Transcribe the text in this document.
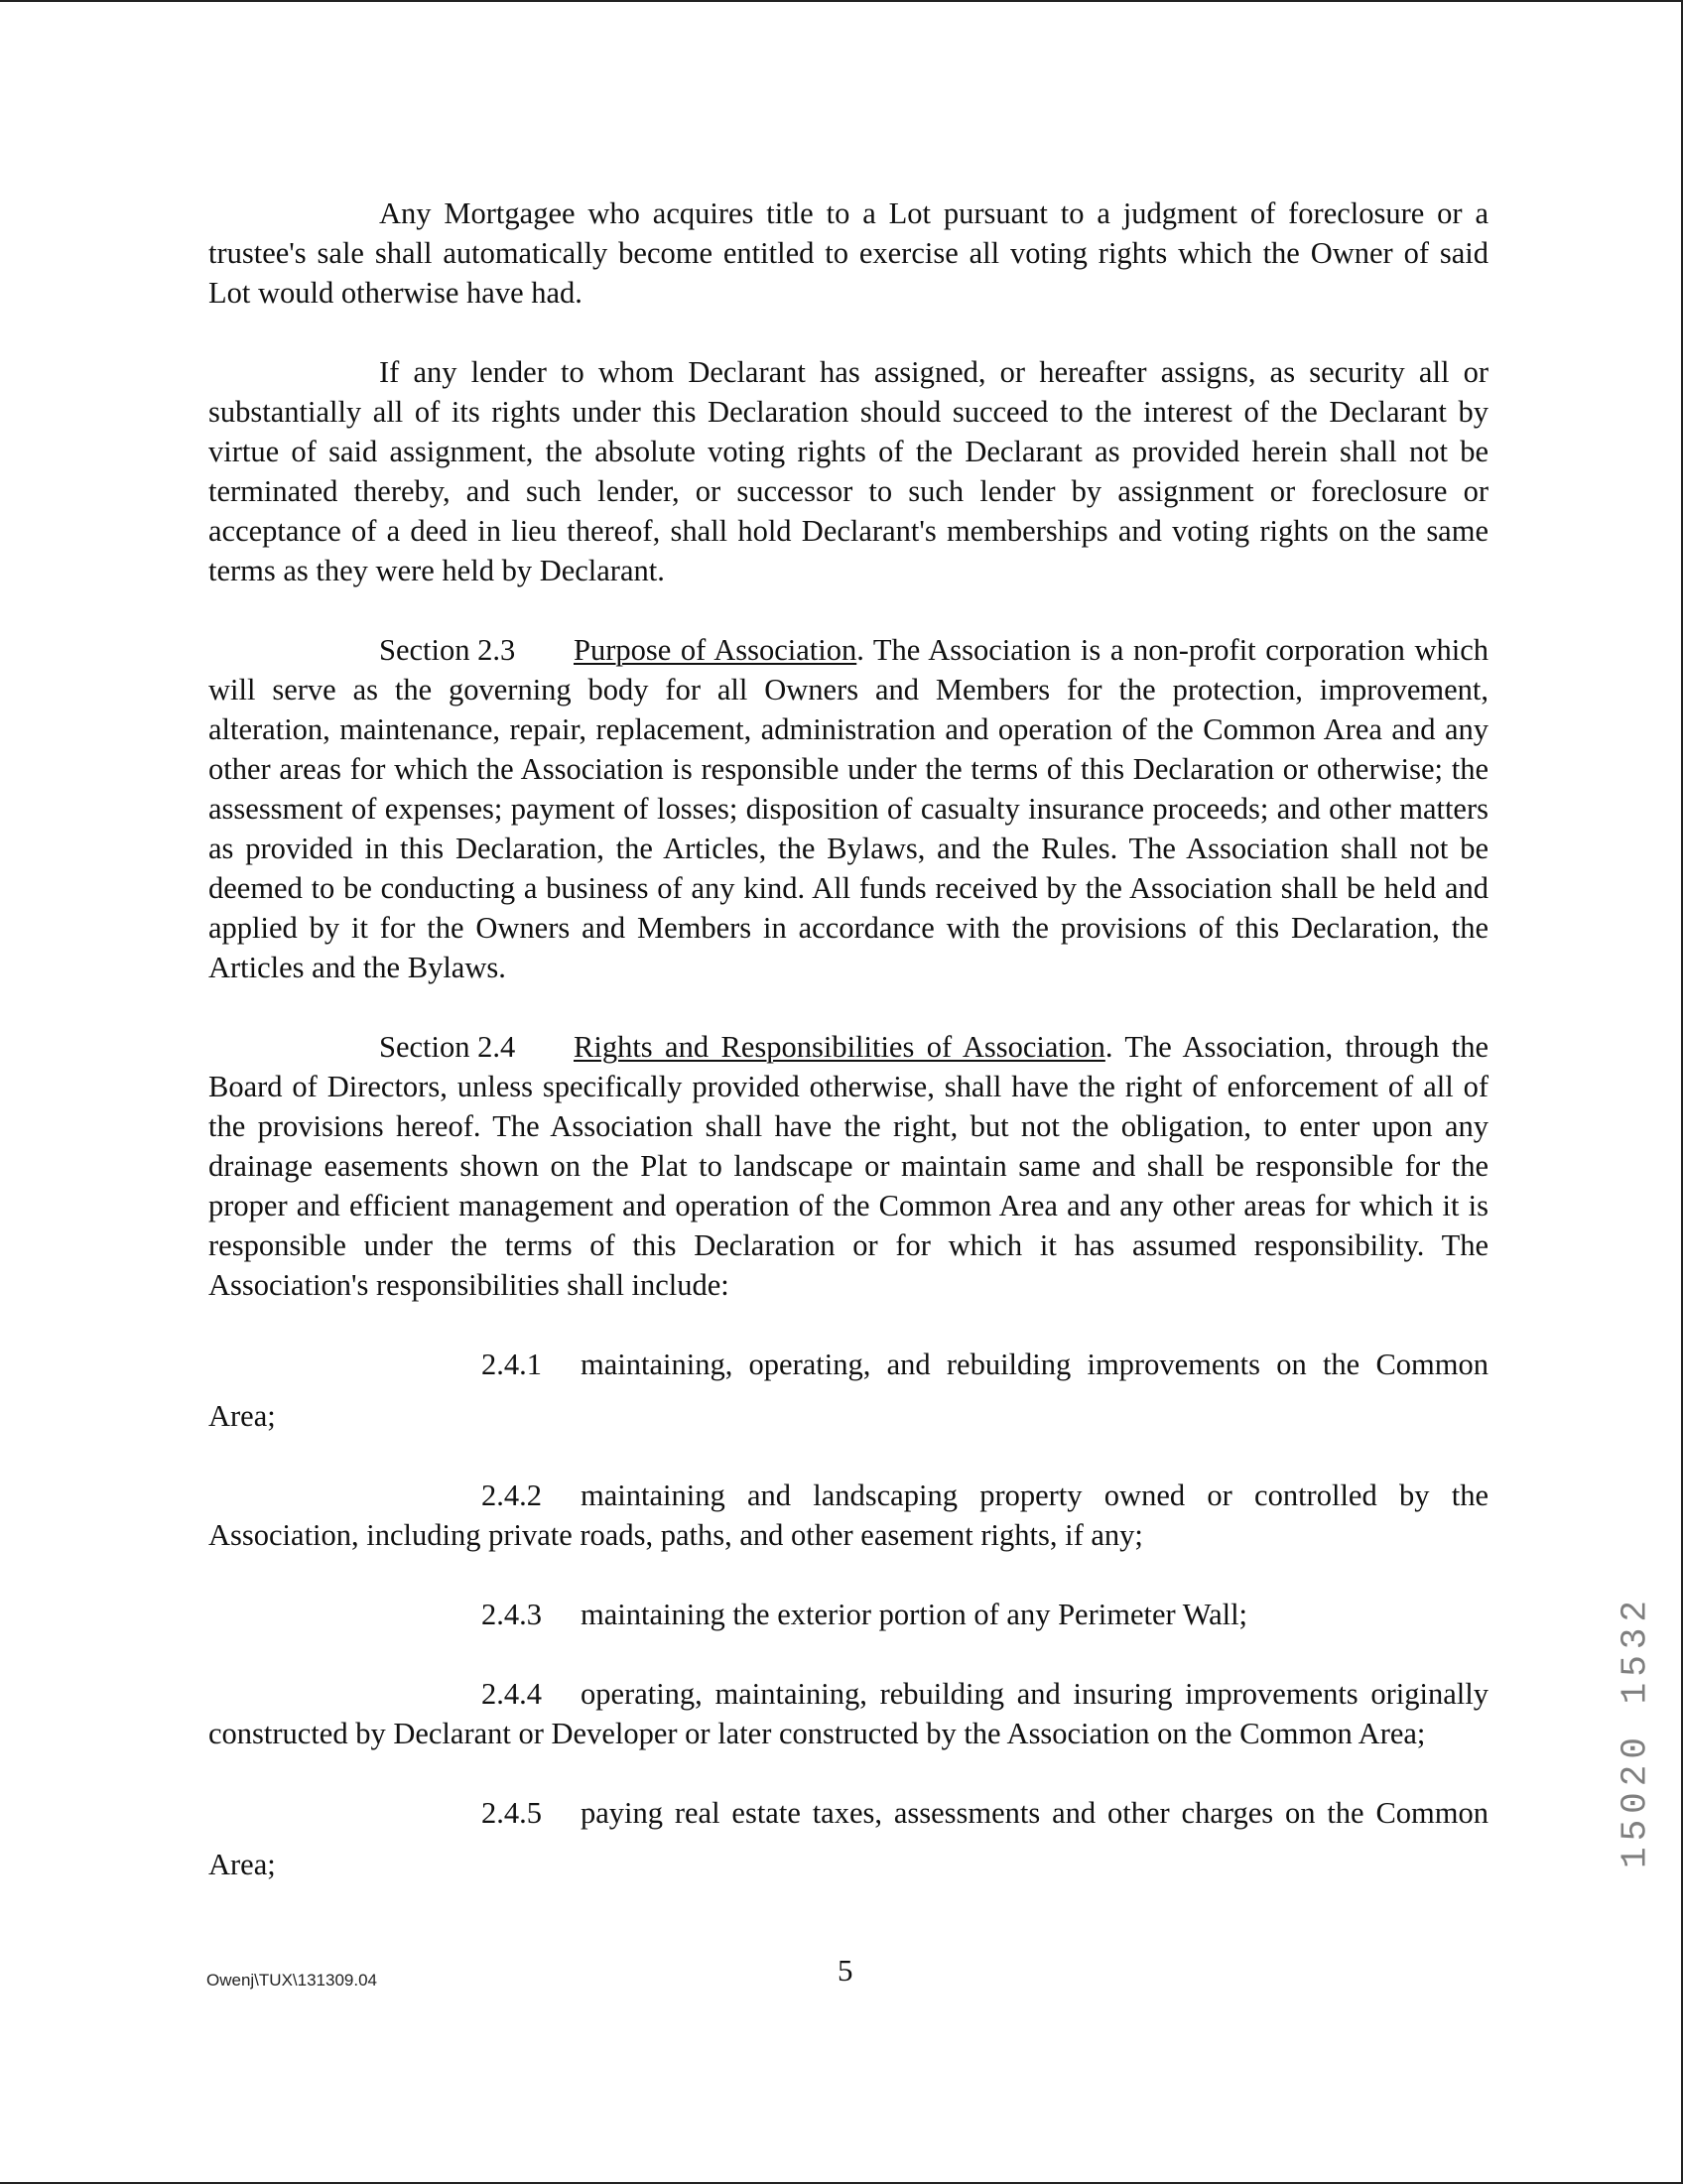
Any Mortgagee who acquires title to a Lot pursuant to a judgment of foreclosure or a trustee's sale shall automatically become entitled to exercise all voting rights which the Owner of said Lot would otherwise have had.

If any lender to whom Declarant has assigned, or hereafter assigns, as security all or substantially all of its rights under this Declaration should succeed to the interest of the Declarant by virtue of said assignment, the absolute voting rights of the Declarant as provided herein shall not be terminated thereby, and such lender, or successor to such lender by assignment or foreclosure or acceptance of a deed in lieu thereof, shall hold Declarant's memberships and voting rights on the same terms as they were held by Declarant.

Section 2.3 Purpose of Association. The Association is a non-profit corporation which will serve as the governing body for all Owners and Members for the protection, improvement, alteration, maintenance, repair, replacement, administration and operation of the Common Area and any other areas for which the Association is responsible under the terms of this Declaration or otherwise; the assessment of expenses; payment of losses; disposition of casualty insurance proceeds; and other matters as provided in this Declaration, the Articles, the Bylaws, and the Rules. The Association shall not be deemed to be conducting a business of any kind. All funds received by the Association shall be held and applied by it for the Owners and Members in accordance with the provisions of this Declaration, the Articles and the Bylaws.

Section 2.4 Rights and Responsibilities of Association. The Association, through the Board of Directors, unless specifically provided otherwise, shall have the right of enforcement of all of the provisions hereof. The Association shall have the right, but not the obligation, to enter upon any drainage easements shown on the Plat to landscape or maintain same and shall be responsible for the proper and efficient management and operation of the Common Area and any other areas for which it is responsible under the terms of this Declaration or for which it has assumed responsibility. The Association's responsibilities shall include:

2.4.1 maintaining, operating, and rebuilding improvements on the Common
Area;

2.4.2 maintaining and landscaping property owned or controlled by the Association, including private roads, paths, and other easement rights, if any;

2.4.3 maintaining the exterior portion of any Perimeter Wall;

2.4.4 operating, maintaining, rebuilding and insuring improvements originally constructed by Declarant or Developer or later constructed by the Association on the Common Area;

2.4.5 paying real estate taxes, assessments and other charges on the Common
Area;
Owenj\TUX\131309.04	5
15020 1532
